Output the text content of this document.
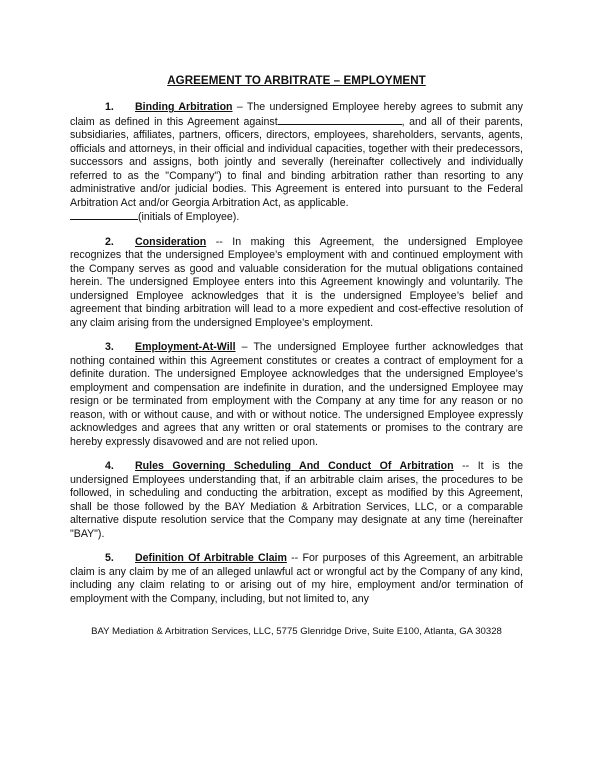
AGREEMENT TO ARBITRATE – EMPLOYMENT

1. Binding Arbitration – The undersigned Employee hereby agrees to submit any claim as defined in this Agreement against	, and all of their parents, subsidiaries, affiliates, partners, officers, directors, employees, shareholders, servants, agents, officials and attorneys, in their official and individual capacities, together with their predecessors, successors and assigns, both jointly and severally (hereinafter collectively and individually referred to as the "Company") to final and binding arbitration rather than resorting to any administrative and/or judicial bodies. This Agreement is entered into pursuant to the Federal Arbitration Act and/or Georgia Arbitration Act, as applicable.
(initials of Employee).

2. Consideration -- In making this Agreement, the undersigned Employee recognizes that the undersigned Employee’s employment with and continued employment with the Company serves as good and valuable consideration for the mutual obligations contained herein. The undersigned Employee enters into this Agreement knowingly and voluntarily. The undersigned Employee acknowledges that it is the undersigned Employee’s belief and agreement that binding arbitration will lead to a more expedient and cost-effective resolution of any claim arising from the undersigned Employee’s employment.

3. Employment-At-Will – The undersigned Employee further acknowledges that nothing contained within this Agreement constitutes or creates a contract of employment for a definite duration. The undersigned Employee acknowledges that the undersigned Employee’s employment and compensation are indefinite in duration, and the undersigned Employee may resign or be terminated from employment with the Company at any time for any reason or no reason, with or without cause, and with or without notice. The undersigned Employee expressly acknowledges and agrees that any written or oral statements or promises to the contrary are hereby expressly disavowed and are not relied upon.

4. Rules Governing Scheduling And Conduct Of Arbitration -- It is the undersigned Employees understanding that, if an arbitrable claim arises, the procedures to be followed, in scheduling and conducting the arbitration, except as modified by this Agreement, shall be those followed by the BAY Mediation & Arbitration Services, LLC, or a comparable alternative dispute resolution service that the Company may designate at any time (hereinafter "BAY").

5. Definition Of Arbitrable Claim -- For purposes of this Agreement, an arbitrable claim is any claim by me of an alleged unlawful act or wrongful act by the Company of any kind, including any claim relating to or arising out of my hire, employment and/or termination of employment with the Company, including, but not limited to, any

BAY Mediation & Arbitration Services, LLC, 5775 Glenridge Drive, Suite E100, Atlanta, GA 30328
